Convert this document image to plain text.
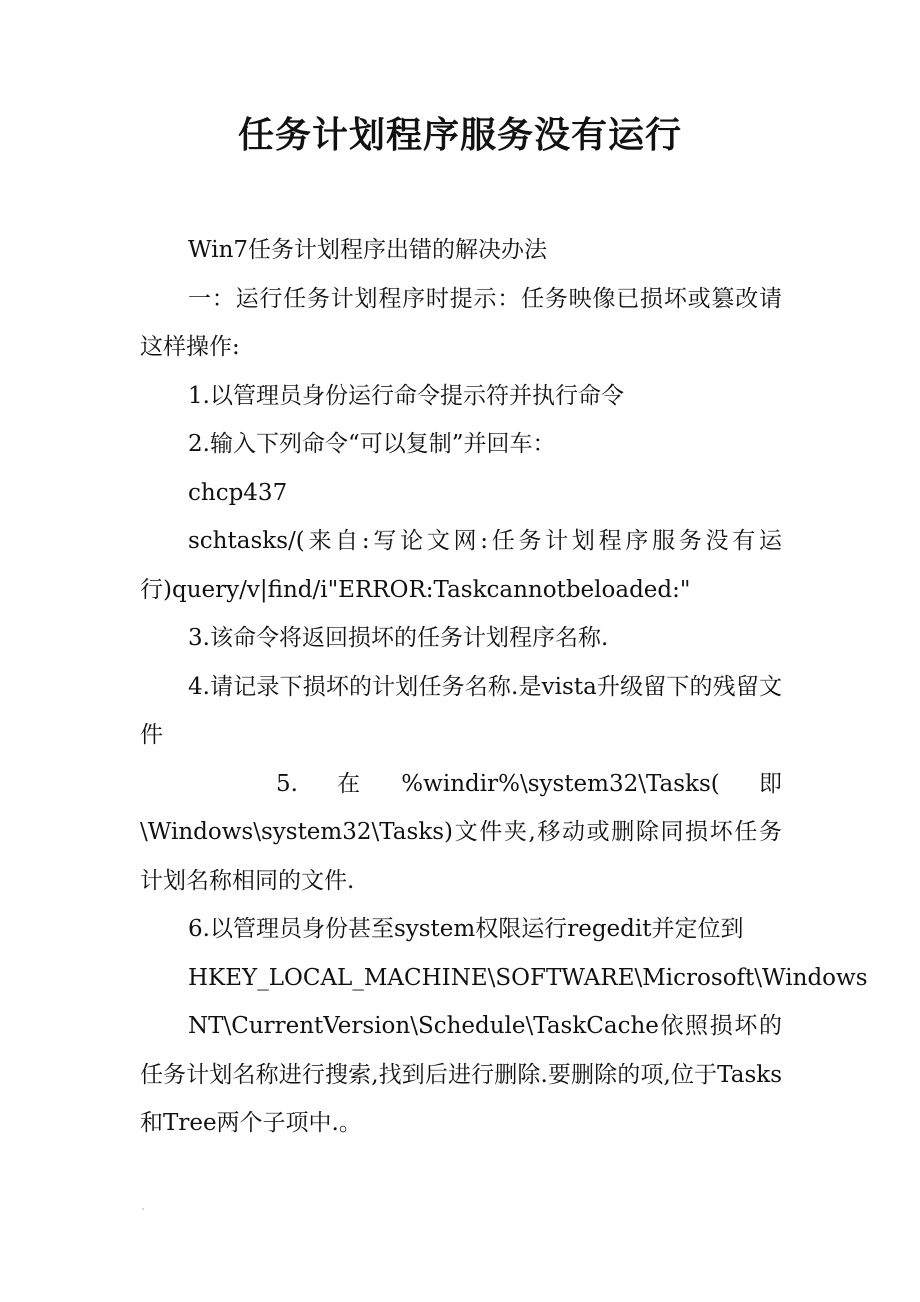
任务计划程序服务没有运行

Win7任务计划程序出错的解决办法

一：运行任务计划程序时提示：任务映像已损坏或篡改请这样操作:

1.以管理员身份运行命令提示符并执行命令

2.输入下列命令“可以复制”并回车：

chcp437

schtasks/(来自:写论文网:任务计划程序服务没有运行)query/v|find/i"ERROR:Taskcannotbeloaded:"

3.该命令将返回损坏的任务计划程序名称.

4.请记录下损坏的计划任务名称.是vista升级留下的残留文件

5. 在 %windir%\system32\Tasks( 即 \Windows\system32\Tasks)文件夹,移动或删除同损坏任务计划名称相同的文件.

6.以管理员身份甚至system权限运行regedit并定位到

HKEY_LOCAL_MACHINE\SOFTWARE\Microsoft\Windows

NT\CurrentVersion\Schedule\TaskCache依照损坏的任务计划名称进行搜索,找到后进行删除.要删除的项,位于Tasks和Tree两个子项中.。
